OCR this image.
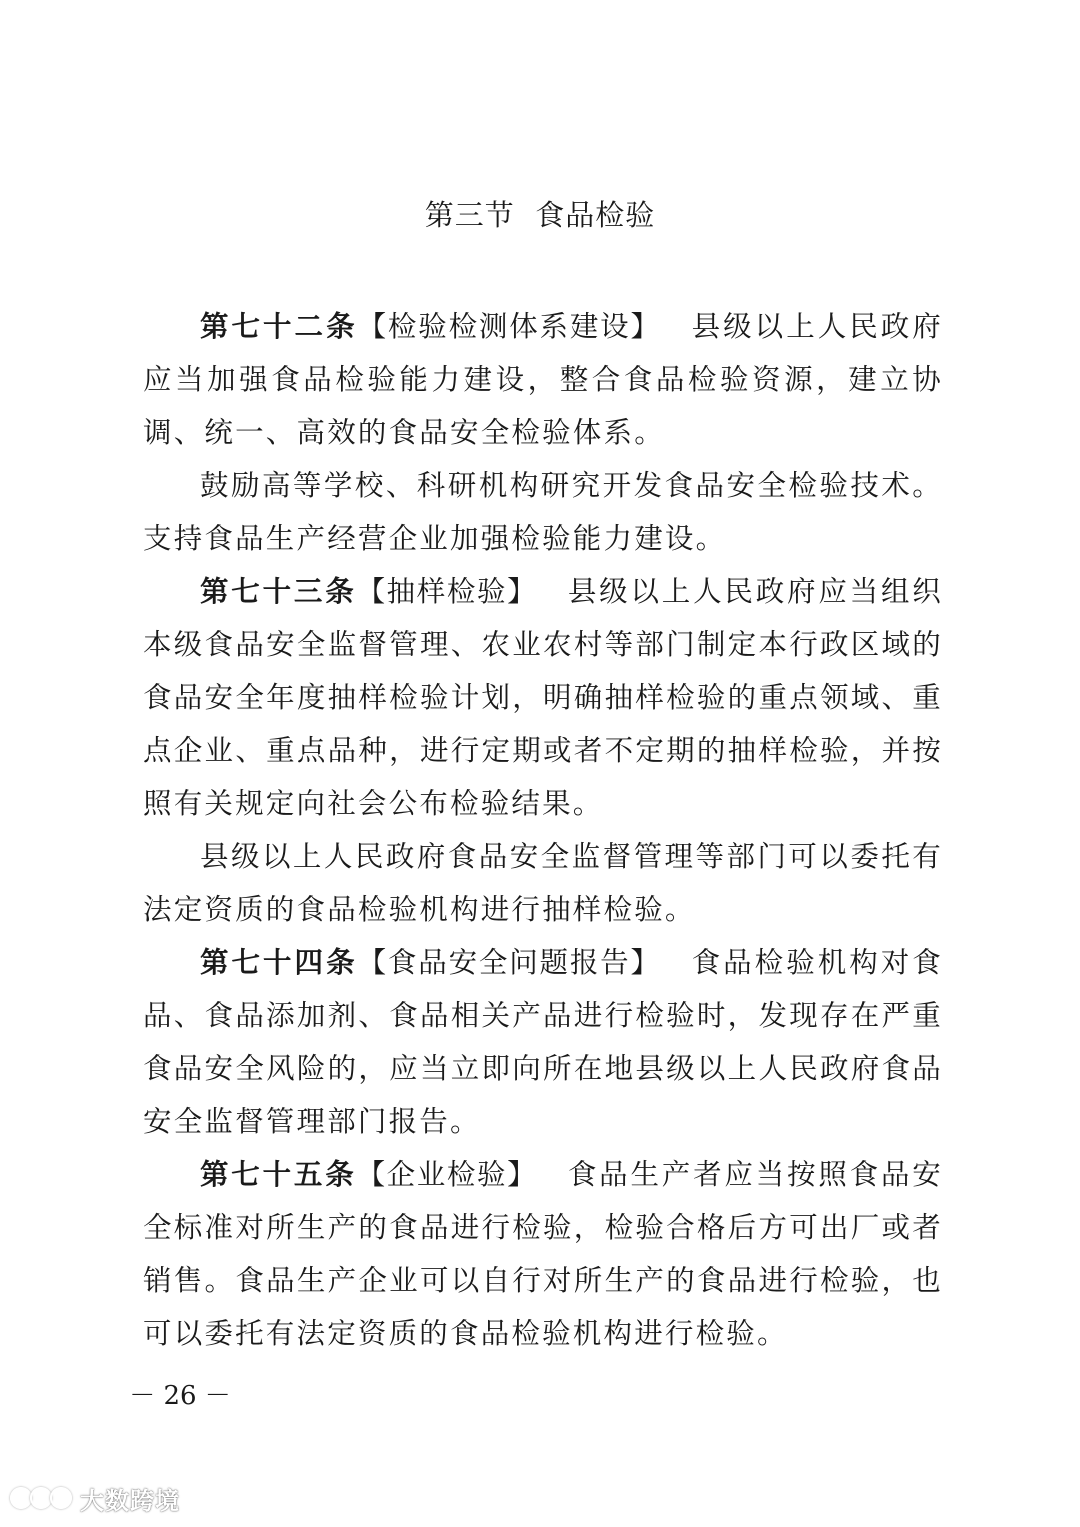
第三节  食品检验

第七十二条【检验检测体系建设】 县级以上人民政府应当加强食品检验能力建设，整合食品检验资源，建立协调、统一、高效的食品安全检验体系。

鼓励高等学校、科研机构研究开发食品安全检验技术。支持食品生产经营企业加强检验能力建设。

第七十三条【抽样检验】 县级以上人民政府应当组织本级食品安全监督管理、农业农村等部门制定本行政区域的食品安全年度抽样检验计划，明确抽样检验的重点领域、重点企业、重点品种，进行定期或者不定期的抽样检验，并按照有关规定向社会公布检验结果。

县级以上人民政府食品安全监督管理等部门可以委托有法定资质的食品检验机构进行抽样检验。

第七十四条【食品安全问题报告】 食品检验机构对食品、食品添加剂、食品相关产品进行检验时，发现存在严重食品安全风险的，应当立即向所在地县级以上人民政府食品安全监督管理部门报告。

第七十五条【企业检验】 食品生产者应当按照食品安全标准对所生产的食品进行检验，检验合格后方可出厂或者销售。食品生产企业可以自行对所生产的食品进行检验，也可以委托有法定资质的食品检验机构进行检验。

－ 26 －
大数跨境
